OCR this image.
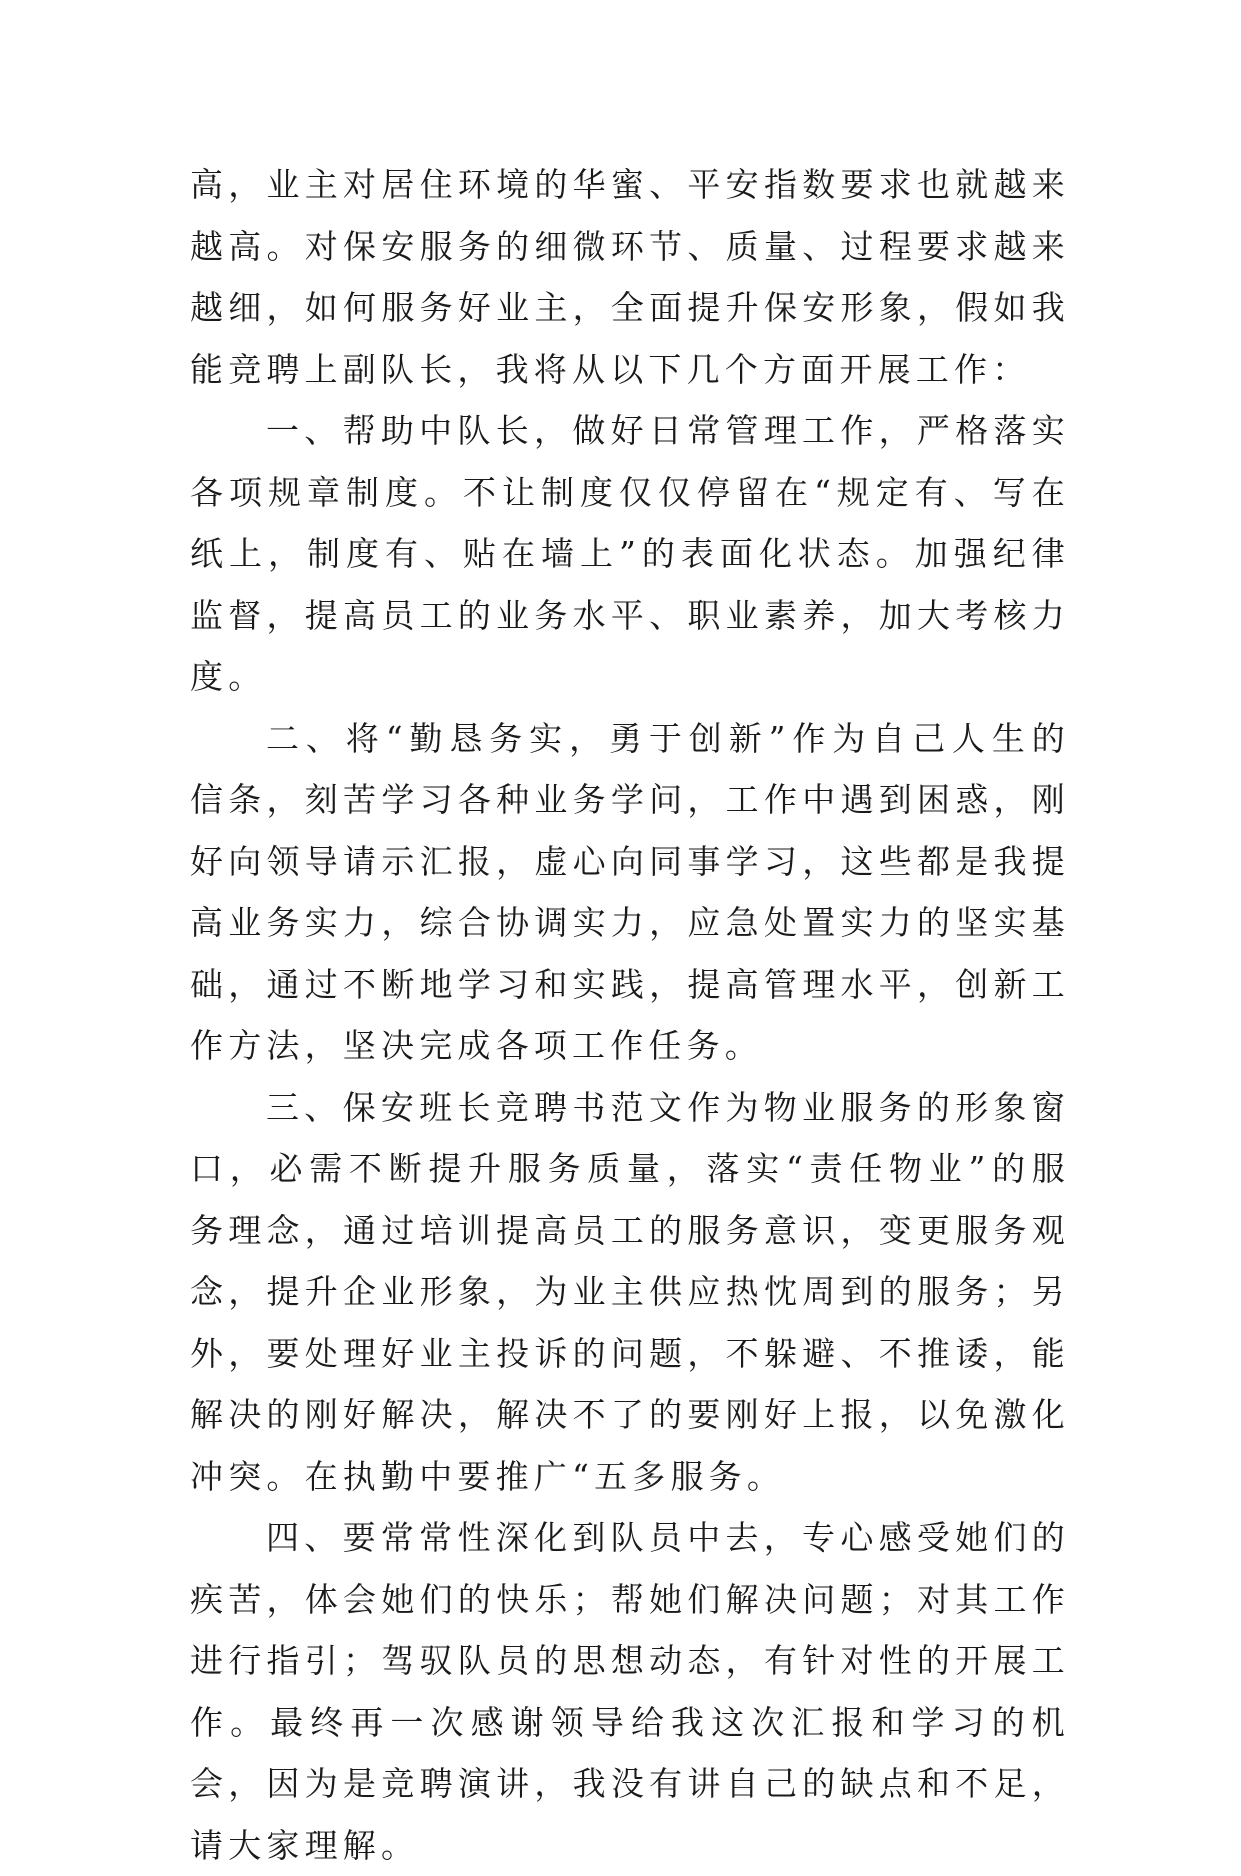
高，业主对居住环境的华蜜、平安指数要求也就越来越高。对保安服务的细微环节、质量、过程要求越来越细，如何服务好业主，全面提升保安形象，假如我能竞聘上副队长，我将从以下几个方面开展工作：

一、帮助中队长，做好日常管理工作，严格落实各项规章制度。不让制度仅仅停留在“规定有、写在纸上，制度有、贴在墙上”的表面化状态。加强纪律监督，提高员工的业务水平、职业素养，加大考核力度。

二、将“勤恳务实，勇于创新”作为自己人生的信条，刻苦学习各种业务学问，工作中遇到困惑，刚好向领导请示汇报，虚心向同事学习，这些都是我提高业务实力，综合协调实力，应急处置实力的坚实基础，通过不断地学习和实践，提高管理水平，创新工作方法，坚决完成各项工作任务。

三、保安班长竞聘书范文作为物业服务的形象窗口，必需不断提升服务质量，落实“责任物业”的服务理念，通过培训提高员工的服务意识，变更服务观念，提升企业形象，为业主供应热忱周到的服务；另外，要处理好业主投诉的问题，不躲避、不推诿，能解决的刚好解决，解决不了的要刚好上报，以免激化冲突。在执勤中要推广“五多服务。

四、要常常性深化到队员中去，专心感受她们的疾苦，体会她们的快乐；帮她们解决问题；对其工作进行指引；驾驭队员的思想动态，有针对性的开展工作。最终再一次感谢领导给我这次汇报和学习的机会，因为是竞聘演讲，我没有讲自己的缺点和不足，请大家理解。
